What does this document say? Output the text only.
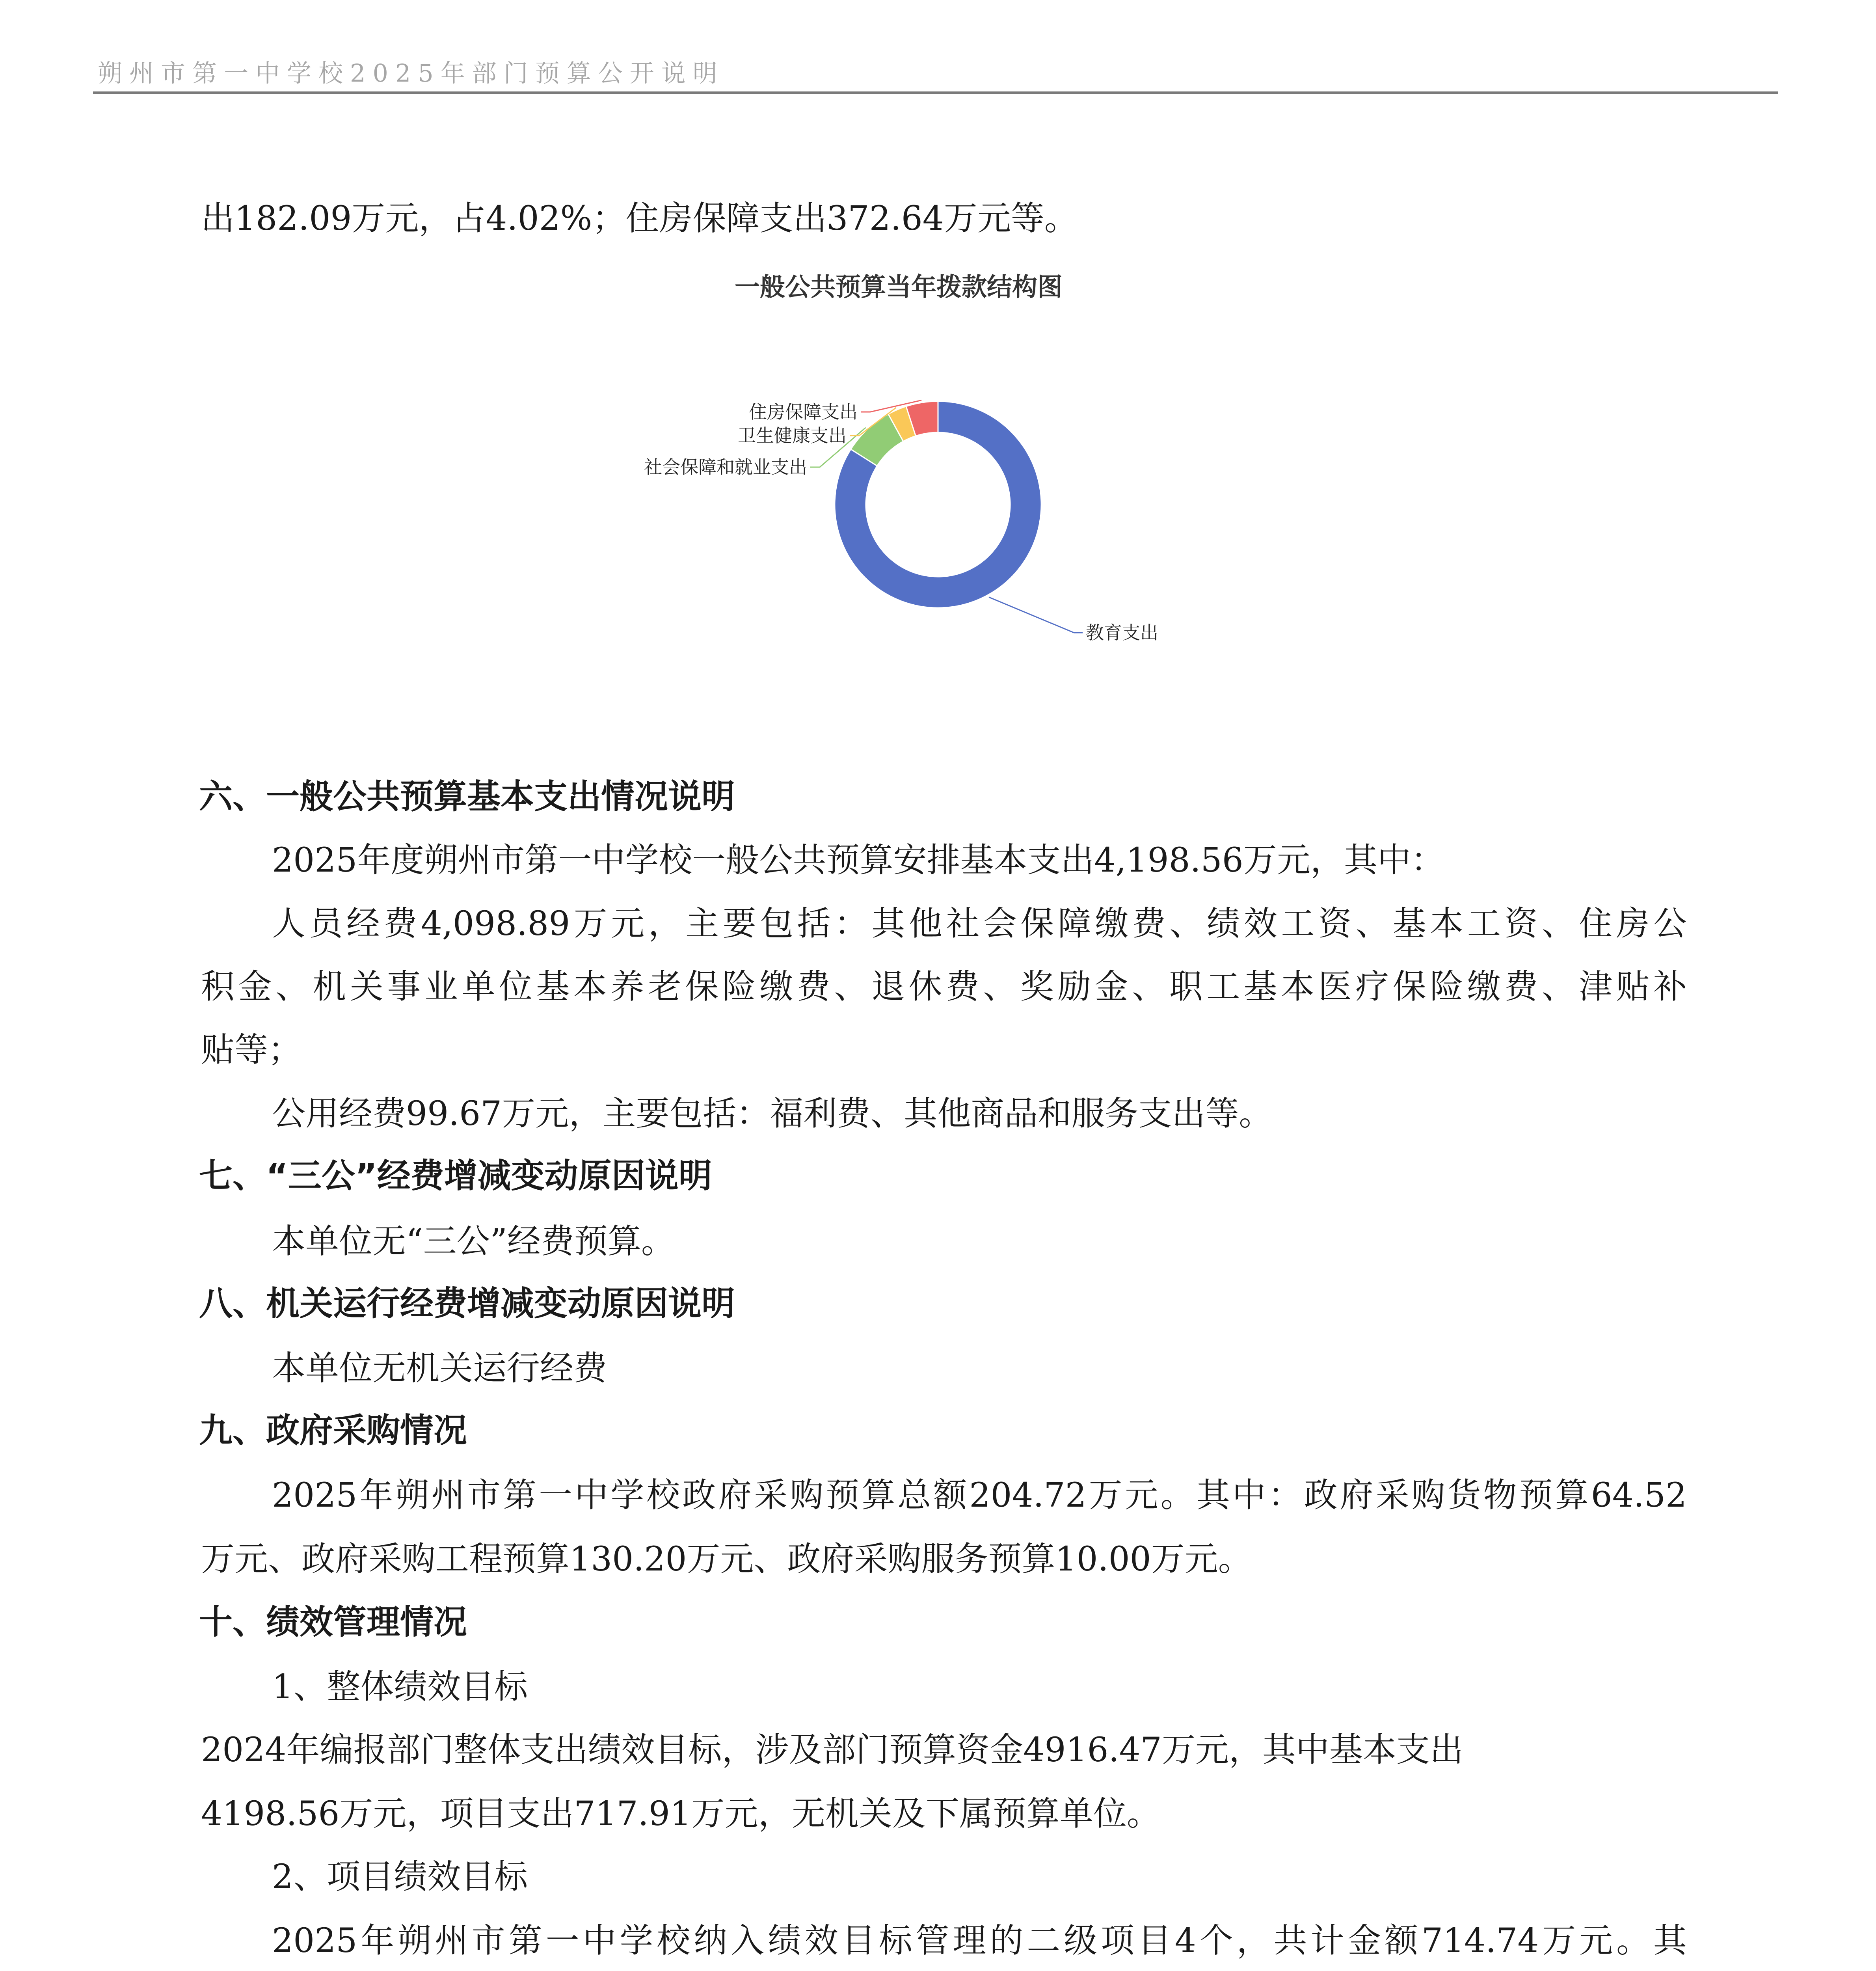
朔州市第一中学校2025年部门预算公开说明
出182.09万元，占4.02%；住房保障支出372.64万元等。
一般公共预算当年拨款结构图
教育支出
社会保障和就业支出
卫生健康支出
住房保障支出
六、一般公共预算基本支出情况说明
2025年度朔州市第一中学校一般公共预算安排基本支出4,198.56万元，其中：
人员经费4,098.89万元，主要包括：其他社会保障缴费、绩效工资、基本工资、住房公
积金、机关事业单位基本养老保险缴费、退休费、奖励金、职工基本医疗保险缴费、津贴补
贴等；
公用经费99.67万元，主要包括：福利费、其他商品和服务支出等。
七、“三公”经费增减变动原因说明
本单位无“三公”经费预算。
八、机关运行经费增减变动原因说明
本单位无机关运行经费
九、政府采购情况
2025年朔州市第一中学校政府采购预算总额204.72万元。其中：政府采购货物预算64.52
万元、政府采购工程预算130.20万元、政府采购服务预算10.00万元。
十、绩效管理情况
1、整体绩效目标
2024年编报部门整体支出绩效目标，涉及部门预算资金4916.47万元，其中基本支出
4198.56万元，项目支出717.91万元，无机关及下属预算单位。
2、项目绩效目标
2025年朔州市第一中学校纳入绩效目标管理的二级项目4个，共计金额714.74万元。其
